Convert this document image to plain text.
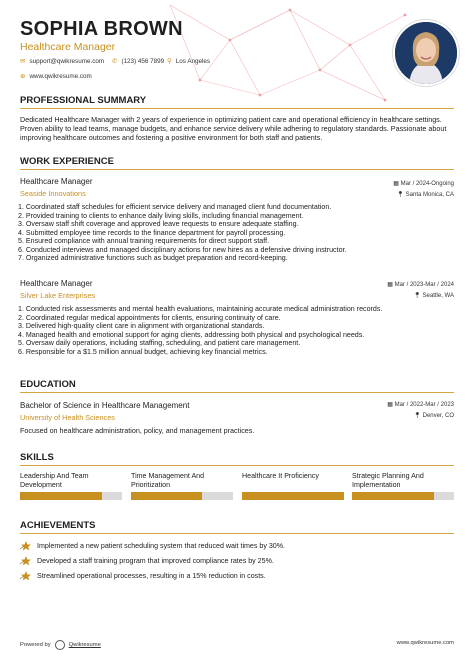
SOPHIA BROWN
Healthcare Manager
✉ support@qwikresume.com ✆ (123) 456 7899 ⚲ Los Angeles
⊕ www.qwikresume.com
PROFESSIONAL SUMMARY
Dedicated Healthcare Manager with 2 years of experience in optimizing patient care and operational efficiency in healthcare settings. Proven ability to lead teams, manage budgets, and enhance service delivery while adhering to regulatory standards. Passionate about improving healthcare outcomes and fostering a positive environment for both staff and patients.
WORK EXPERIENCE
Healthcare Manager
Seaside Innovations
▦ Mar / 2024-Ongoing
📍︎ Santa Monica, CA
1. Coordinated staff schedules for efficient service delivery and managed client fund documentation.
2. Provided training to clients to enhance daily living skills, including financial management.
3. Oversaw staff shift coverage and approved leave requests to ensure adequate staffing.
4. Submitted employee time records to the finance department for payroll processing.
5. Ensured compliance with annual training requirements for direct support staff.
6. Conducted interviews and managed disciplinary actions for new hires as a defensive driving instructor.
7. Organized administrative functions such as budget preparation and record-keeping.
Healthcare Manager
Silver Lake Enterprises
▦ Mar / 2023-Mar / 2024
📍︎ Seattle, WA
1. Conducted risk assessments and mental health evaluations, maintaining accurate medical administration records.
2. Coordinated regular medical appointments for clients, ensuring continuity of care.
3. Delivered high-quality client care in alignment with organizational standards.
4. Managed health and emotional support for aging clients, addressing both physical and psychological needs.
5. Oversaw daily operations, including staffing, scheduling, and patient care management.
6. Responsible for a $1.5 million annual budget, achieving key financial metrics.
EDUCATION
Bachelor of Science in Healthcare Management
University of Health Sciences
▦ Mar / 2022-Mar / 2023
📍︎ Denver, CO
Focused on healthcare administration, policy, and management practices.
SKILLS
Leadership And Team Development
Time Management And Prioritization
Healthcare It Proficiency	Strategic Planning And Implementation
ACHIEVEMENTS
Implemented a new patient scheduling system that reduced wait times by 30%.
Developed a staff training program that improved compliance rates by 25%.
Streamlined operational processes, resulting in a 15% reduction in costs.
Powered by	Qwikresume	www.qwikresume.com
